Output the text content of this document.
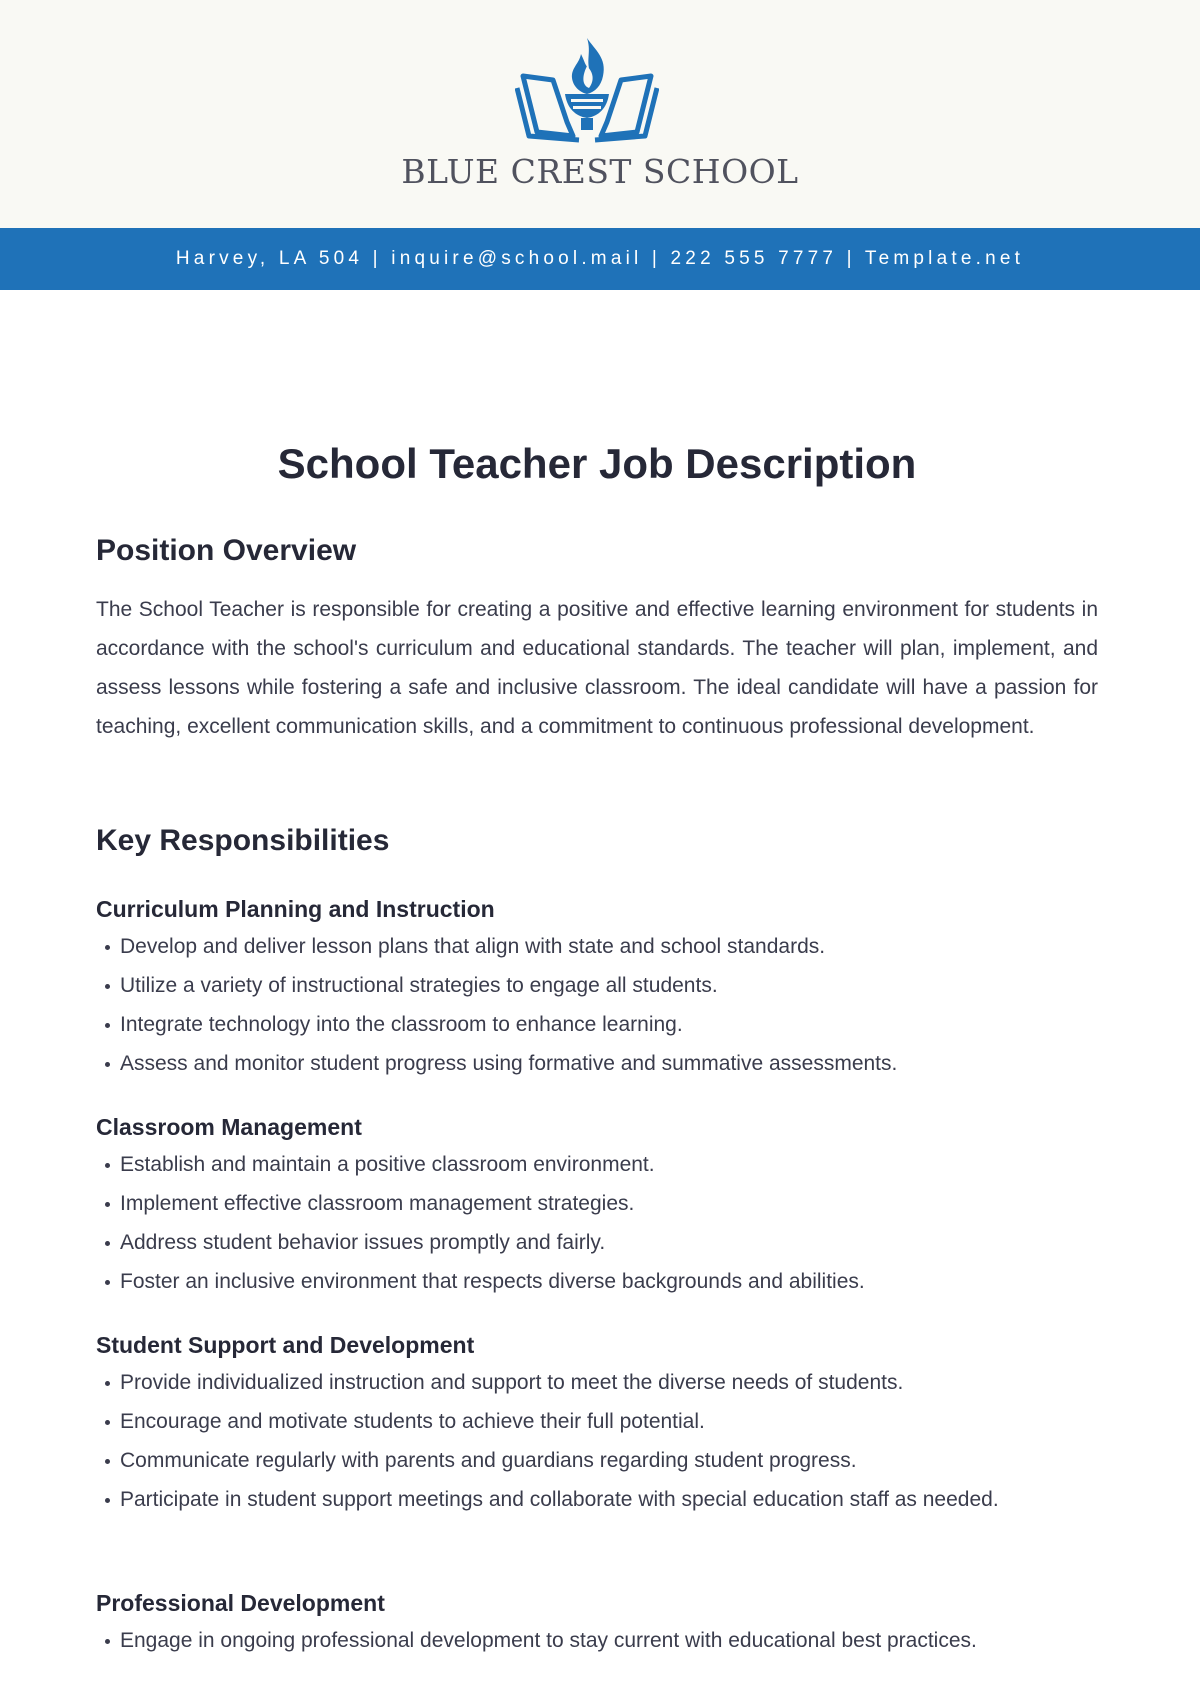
BLUE CREST SCHOOL
Harvey, LA 504 | inquire@school.mail | 222 555 7777 | Template.net
School Teacher Job Description
Position Overview

The School Teacher is responsible for creating a positive and effective learning environment for students in accordance with the school's curriculum and educational standards. The teacher will plan, implement, and assess lessons while fostering a safe and inclusive classroom. The ideal candidate will have a passion for teaching, excellent communication skills, and a commitment to continuous professional development.

Key Responsibilities
Curriculum Planning and Instruction
Develop and deliver lesson plans that align with state and school standards.
Utilize a variety of instructional strategies to engage all students.
Integrate technology into the classroom to enhance learning.
Assess and monitor student progress using formative and summative assessments.
Classroom Management
Establish and maintain a positive classroom environment.
Implement effective classroom management strategies.
Address student behavior issues promptly and fairly.
Foster an inclusive environment that respects diverse backgrounds and abilities.
Student Support and Development
Provide individualized instruction and support to meet the diverse needs of students.
Encourage and motivate students to achieve their full potential.
Communicate regularly with parents and guardians regarding student progress.
Participate in student support meetings and collaborate with special education staff as needed.
Professional Development
Engage in ongoing professional development to stay current with educational best practices.
